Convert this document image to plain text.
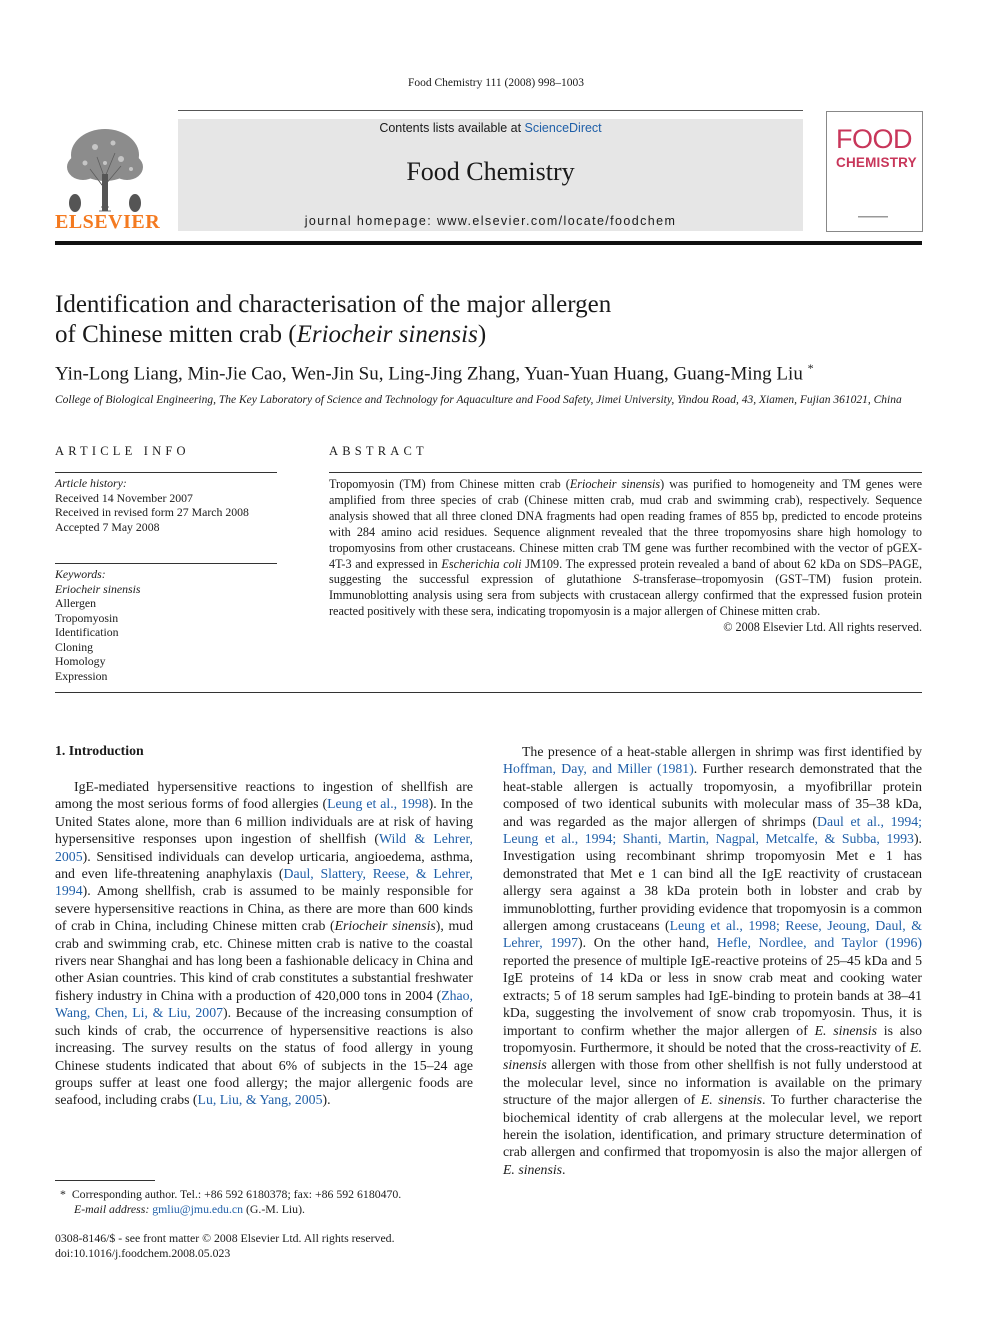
Food Chemistry 111 (2008) 998–1003
ELSEVIER
Contents lists available at ScienceDirect
Food Chemistry
journal homepage: www.elsevier.com/locate/foodchem
FOOD
CHEMISTRY
Identification and characterisation of the major allergen
of Chinese mitten crab (Eriocheir sinensis)
Yin-Long Liang, Min-Jie Cao, Wen-Jin Su, Ling-Jing Zhang, Yuan-Yuan Huang, Guang-Ming Liu *
College of Biological Engineering, The Key Laboratory of Science and Technology for Aquaculture and Food Safety, Jimei University, Yindou Road, 43, Xiamen, Fujian 361021, China
ARTICLE INFO
Article history:
Received 14 November 2007
Received in revised form 27 March 2008
Accepted 7 May 2008
Keywords:
Eriocheir sinensis
Allergen
Tropomyosin
Identification
Cloning
Homology
Expression
ABSTRACT

Tropomyosin (TM) from Chinese mitten crab (Eriocheir sinensis) was purified to homogeneity and TM genes were amplified from three species of crab (Chinese mitten crab, mud crab and swimming crab), respectively. Sequence analysis showed that all three cloned DNA fragments had open reading frames of 855 bp, predicted to encode proteins with 284 amino acid residues. Sequence alignment revealed that the three tropomyosins share high homology to tropomyosins from other crustaceans. Chinese mitten crab TM gene was further recombined with the vector of pGEX-4T-3 and expressed in Escherichia coli JM109. The expressed protein revealed a band of about 62 kDa on SDS–PAGE, suggesting the successful expression of glutathione S-transferase–tropomyosin (GST–TM) fusion protein. Immunoblotting analysis using sera from subjects with crustacean allergy confirmed that the expressed fusion protein reacted positively with these sera, indicating tropomyosin is a major allergen of Chinese mitten crab.

© 2008 Elsevier Ltd. All rights reserved.

1. Introduction
IgE-mediated hypersensitive reactions to ingestion of shellfish are among the most serious forms of food allergies (Leung et al., 1998). In the United States alone, more than 6 million individuals are at risk of having hypersensitive responses upon ingestion of shellfish (Wild & Lehrer, 2005). Sensitised individuals can develop urticaria, angioedema, asthma, and even life-threatening anaphylaxis (Daul, Slattery, Reese, & Lehrer, 1994). Among shellfish, crab is assumed to be mainly responsible for severe hypersensitive reactions in China, as there are more than 600 kinds of crab in China, including Chinese mitten crab (Eriocheir sinensis), mud crab and swimming crab, etc. Chinese mitten crab is native to the coastal rivers near Shanghai and has long been a fashionable delicacy in China and other Asian countries. This kind of crab constitutes a substantial freshwater fishery industry in China with a production of 420,000 tons in 2004 (Zhao, Wang, Chen, Li, & Liu, 2007). Because of the increasing consumption of such kinds of crab, the occurrence of hypersensitive reactions is also increasing. The survey results on the status of food allergy in young Chinese students indicated that about 6% of subjects in the 15–24 age groups suffer at least one food allergy; the major allergenic foods are seafood, including crabs (Lu, Liu, & Yang, 2005).
The presence of a heat-stable allergen in shrimp was first identified by Hoffman, Day, and Miller (1981). Further research demonstrated that the heat-stable allergen is actually tropomyosin, a myofibrillar protein composed of two identical subunits with molecular mass of 35–38 kDa, and was regarded as the major allergen of shrimps (Daul et al., 1994; Leung et al., 1994; Shanti, Martin, Nagpal, Metcalfe, & Subba, 1993). Investigation using recombinant shrimp tropomyosin Met e 1 has demonstrated that Met e 1 can bind all the IgE reactivity of crustacean allergy sera against a 38 kDa protein both in lobster and crab by immunoblotting, further providing evidence that tropomyosin is a common allergen among crustaceans (Leung et al., 1998; Reese, Jeoung, Daul, & Lehrer, 1997). On the other hand, Hefle, Nordlee, and Taylor (1996) reported the presence of multiple IgE-reactive proteins of 25–45 kDa and 5 IgE proteins of 14 kDa or less in snow crab meat and cooking water extracts; 5 of 18 serum samples had IgE-binding to protein bands at 38–41 kDa, suggesting the involvement of snow crab tropomyosin. Thus, it is important to confirm whether the major allergen of E. sinensis is also tropomyosin. Furthermore, it should be noted that the cross-reactivity of E. sinensis allergen with those from other shellfish is not fully understood at the molecular level, since no information is available on the primary structure of the major allergen of E. sinensis. To further characterise the biochemical identity of crab allergens at the molecular level, we report herein the isolation, identification, and primary structure determination of crab allergen and confirmed that tropomyosin is also the major allergen of E. sinensis.
* Corresponding author. Tel.: +86 592 6180378; fax: +86 592 6180470.
E-mail address: gmliu@jmu.edu.cn (G.-M. Liu).
0308-8146/$ - see front matter © 2008 Elsevier Ltd. All rights reserved.
doi:10.1016/j.foodchem.2008.05.023
